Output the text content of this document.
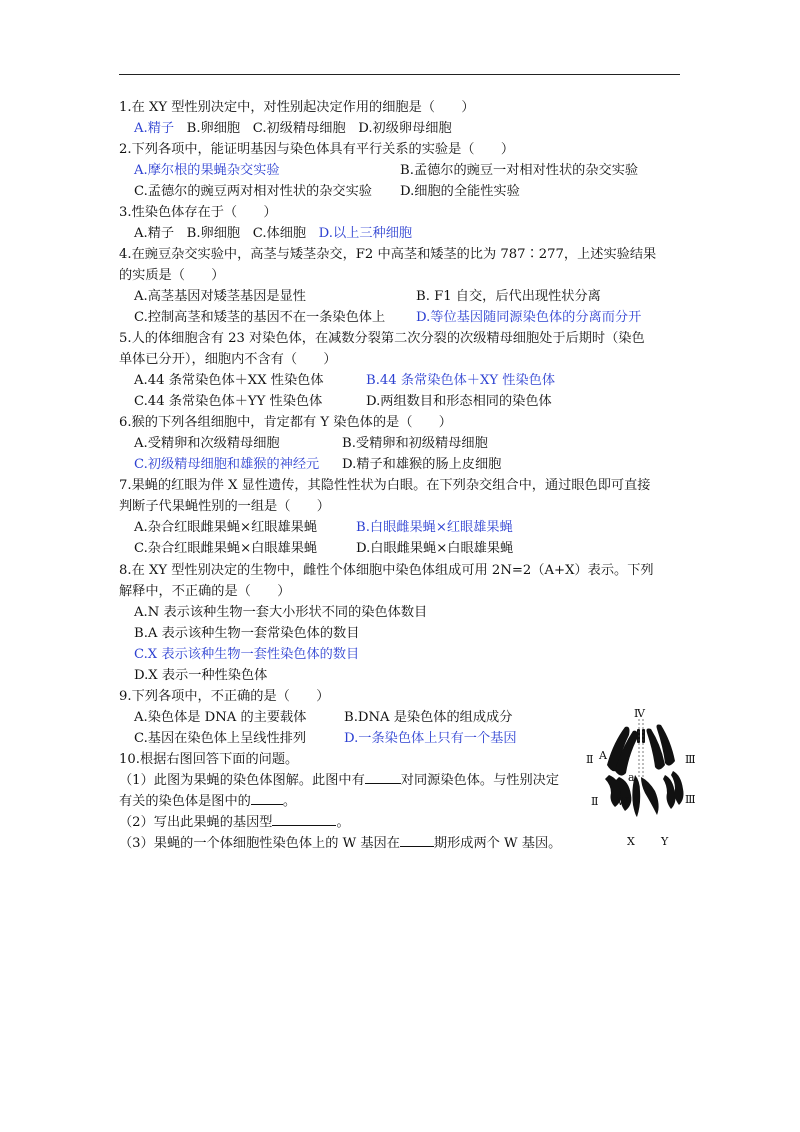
1.在 XY 型性别决定中，对性别起决定作用的细胞是（　　）
A.精子 B.卵细胞 C.初级精母细胞 D.初级卵母细胞
2.下列各项中，能证明基因与染色体具有平行关系的实验是（　　）
A.摩尔根的果蝇杂交实验	B.孟德尔的豌豆一对相对性状的杂交实验
C.孟德尔的豌豆两对相对性状的杂交实验 D.细胞的全能性实验
3.性染色体存在于（　　）
A.精子 B.卵细胞 C.体细胞 D.以上三种细胞
4.在豌豆杂交实验中，高茎与矮茎杂交，F2 中高茎和矮茎的比为 787∶277，上述实验结果
的实质是（　　）
A.高茎基因对矮茎基因是显性	B. F1 自交，后代出现性状分离
C.控制高茎和矮茎的基因不在一条染色体上 D.等位基因随同源染色体的分离而分开
5.人的体细胞含有 23 对染色体，在减数分裂第二次分裂的次级精母细胞处于后期时（染色
单体已分开），细胞内不含有（　　）
A.44 条常染色体＋XX 性染色体	B.44 条常染色体＋XY 性染色体
C.44 条常染色体＋YY 性染色体	D.两组数目和形态相同的染色体
6.猴的下列各组细胞中，肯定都有 Y 染色体的是（　　）
A.受精卵和次级精母细胞	B.受精卵和初级精母细胞
C.初级精母细胞和雄猴的神经元 D.精子和雄猴的肠上皮细胞
7.果蝇的红眼为伴 X 显性遗传，其隐性性状为白眼。在下列杂交组合中，通过眼色即可直接
判断子代果蝇性别的一组是（　　）
A.杂合红眼雌果蝇×红眼雄果蝇	B.白眼雌果蝇×红眼雄果蝇
C.杂合红眼雌果蝇×白眼雄果蝇	D.白眼雌果蝇×白眼雄果蝇
8.在 XY 型性别决定的生物中，雌性个体细胞中染色体组成可用 2N=2（A+X）表示。下列
解释中，不正确的是（　　）
A.N 表示该种生物一套大小形状不同的染色体数目
B.A 表示该种生物一套常染色体的数目
C.X 表示该种生物一套性染色体的数目
D.X 表示一种性染色体
9.下列各项中，不正确的是（　　）
A.染色体是 DNA 的主要载体	B.DNA 是染色体的组成成分
C.基因在染色体上呈线性排列	D.一条染色体上只有一个基因
10.根据右图回答下面的问题。
（1）此图为果蝇的染色体图解。此图中有	对同源染色体。与性别决定
有关的染色体是图中的 。
（2）写出此果蝇的基因型	。
（3）果蝇的一个体细胞性染色体上的 W 基因在	期形成两个 W 基因。
Ⅳ
Ⅱ A	Ⅲ
a
Ⅱ W	Ⅲ
X Y
